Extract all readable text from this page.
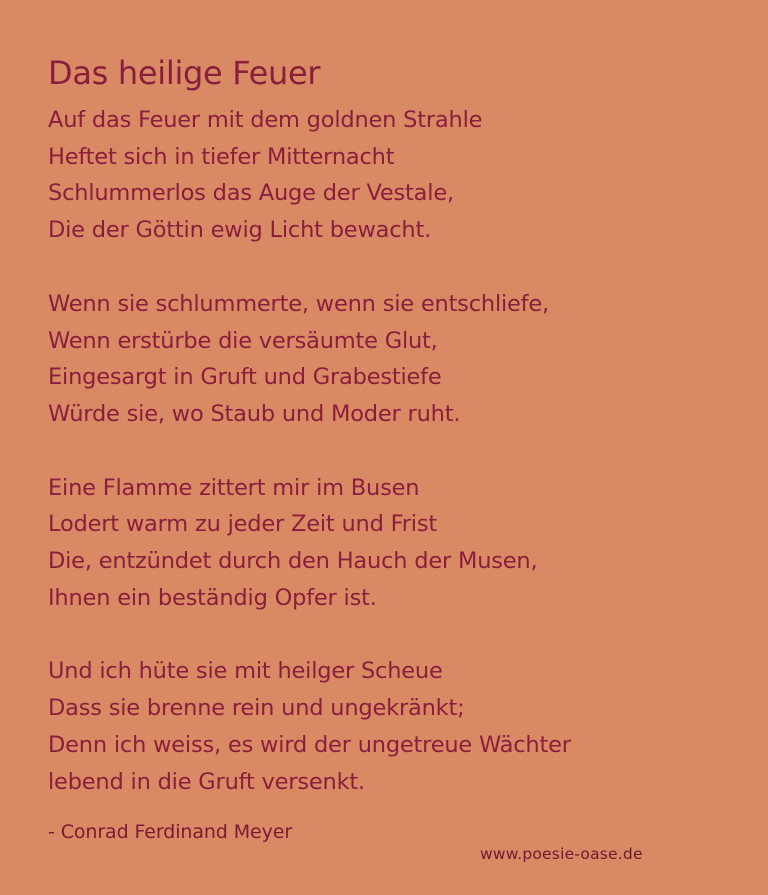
Das heilige Feuer
Auf das Feuer mit dem goldnen Strahle
Heftet sich in tiefer Mitternacht
Schlummerlos das Auge der Vestale,
Die der Göttin ewig Licht bewacht.
Wenn sie schlummerte, wenn sie entschliefe,
Wenn erstürbe die versäumte Glut,
Eingesargt in Gruft und Grabestiefe
Würde sie, wo Staub und Moder ruht.
Eine Flamme zittert mir im Busen
Lodert warm zu jeder Zeit und Frist
Die, entzündet durch den Hauch der Musen,
Ihnen ein beständig Opfer ist.
Und ich hüte sie mit heilger Scheue
Dass sie brenne rein und ungekränkt;
Denn ich weiss, es wird der ungetreue Wächter
lebend in die Gruft versenkt.
- Conrad Ferdinand Meyer
www.poesie-oase.de
